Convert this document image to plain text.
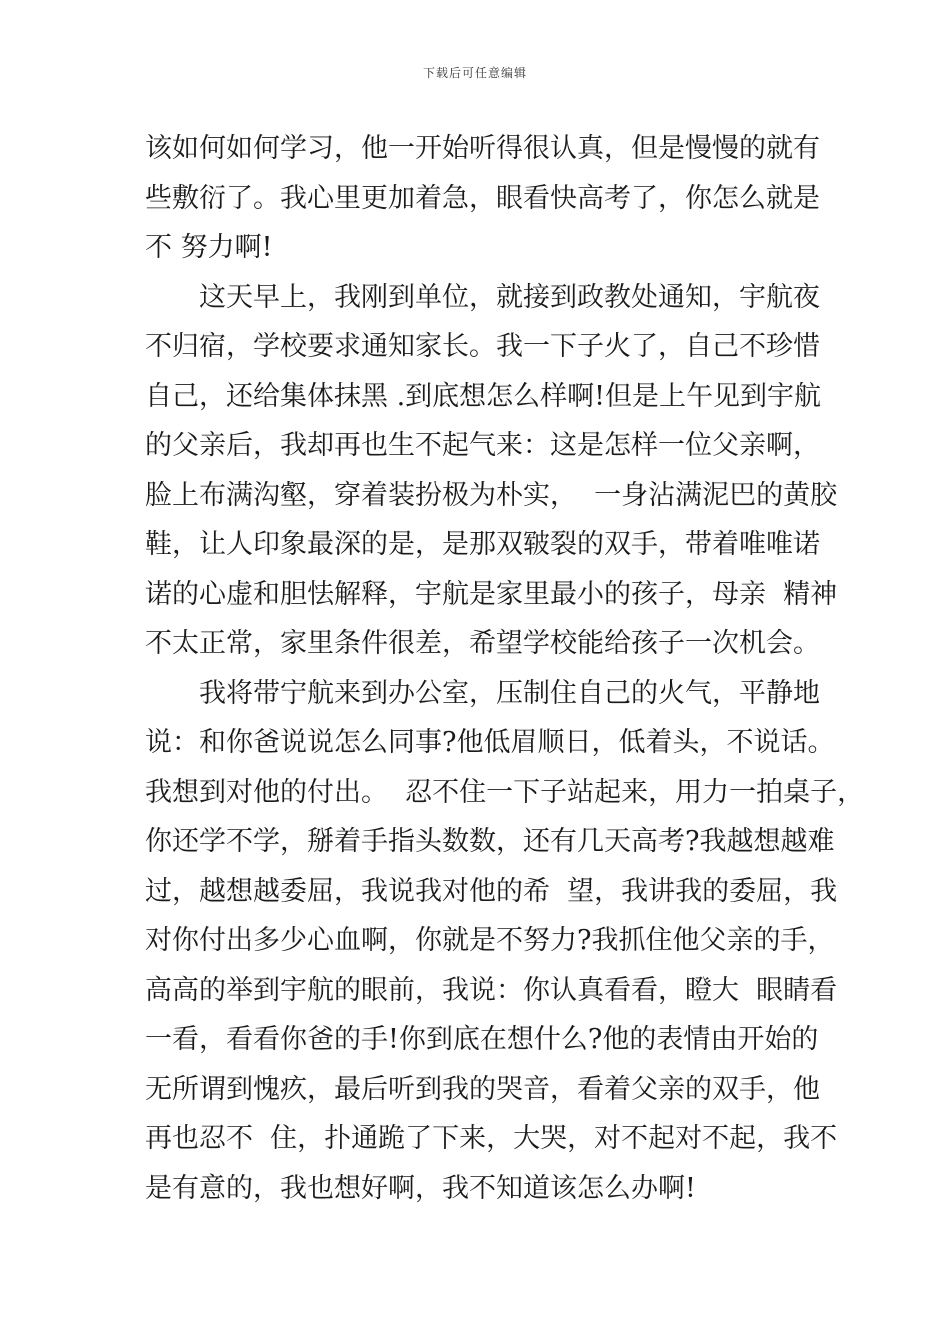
下载后可任意编辑
该如何如何学习，他一开始听得很认真，但是慢慢的就有
些敷衍了。我心里更加着急，眼看快高考了，你怎么就是
不 努力啊!
这天早上，我刚到单位，就接到政教处通知，宇航夜
不归宿，学校要求通知家长。我一下子火了，自己不珍惜
自己，还给集体抹黑 .到底想怎么样啊!但是上午见到宇航
的父亲后，我却再也生不起气来：这是怎样一位父亲啊，
脸上布满沟壑，穿着装扮极为朴实，  一身沾满泥巴的黄胶
鞋，让人印象最深的是，是那双皲裂的双手，带着唯唯诺
诺的心虚和胆怯解释，宇航是家里最小的孩子，母亲  精神
不太正常，家里条件很差，希望学校能给孩子一次机会。
我将带宁航来到办公室，压制住自己的火气，平静地
说：和你爸说说怎么同事?他低眉顺日，低着头，不说话。
我想到对他的付出。  忍不住一下子站起来，用力一拍桌子，
你还学不学，掰着手指头数数，还有几天高考?我越想越难
过，越想越委屈，我说我对他的希  望，我讲我的委屈，我
对你付出多少心血啊，你就是不努力?我抓住他父亲的手，
高高的举到宇航的眼前，我说：你认真看看，瞪大  眼睛看
一看，看看你爸的手!你到底在想什么?他的表情由开始的
无所谓到愧疚，最后听到我的哭音，看着父亲的双手，他
再也忍不  住，扑通跪了下来，大哭，对不起对不起，我不
是有意的，我也想好啊，我不知道该怎么办啊!
